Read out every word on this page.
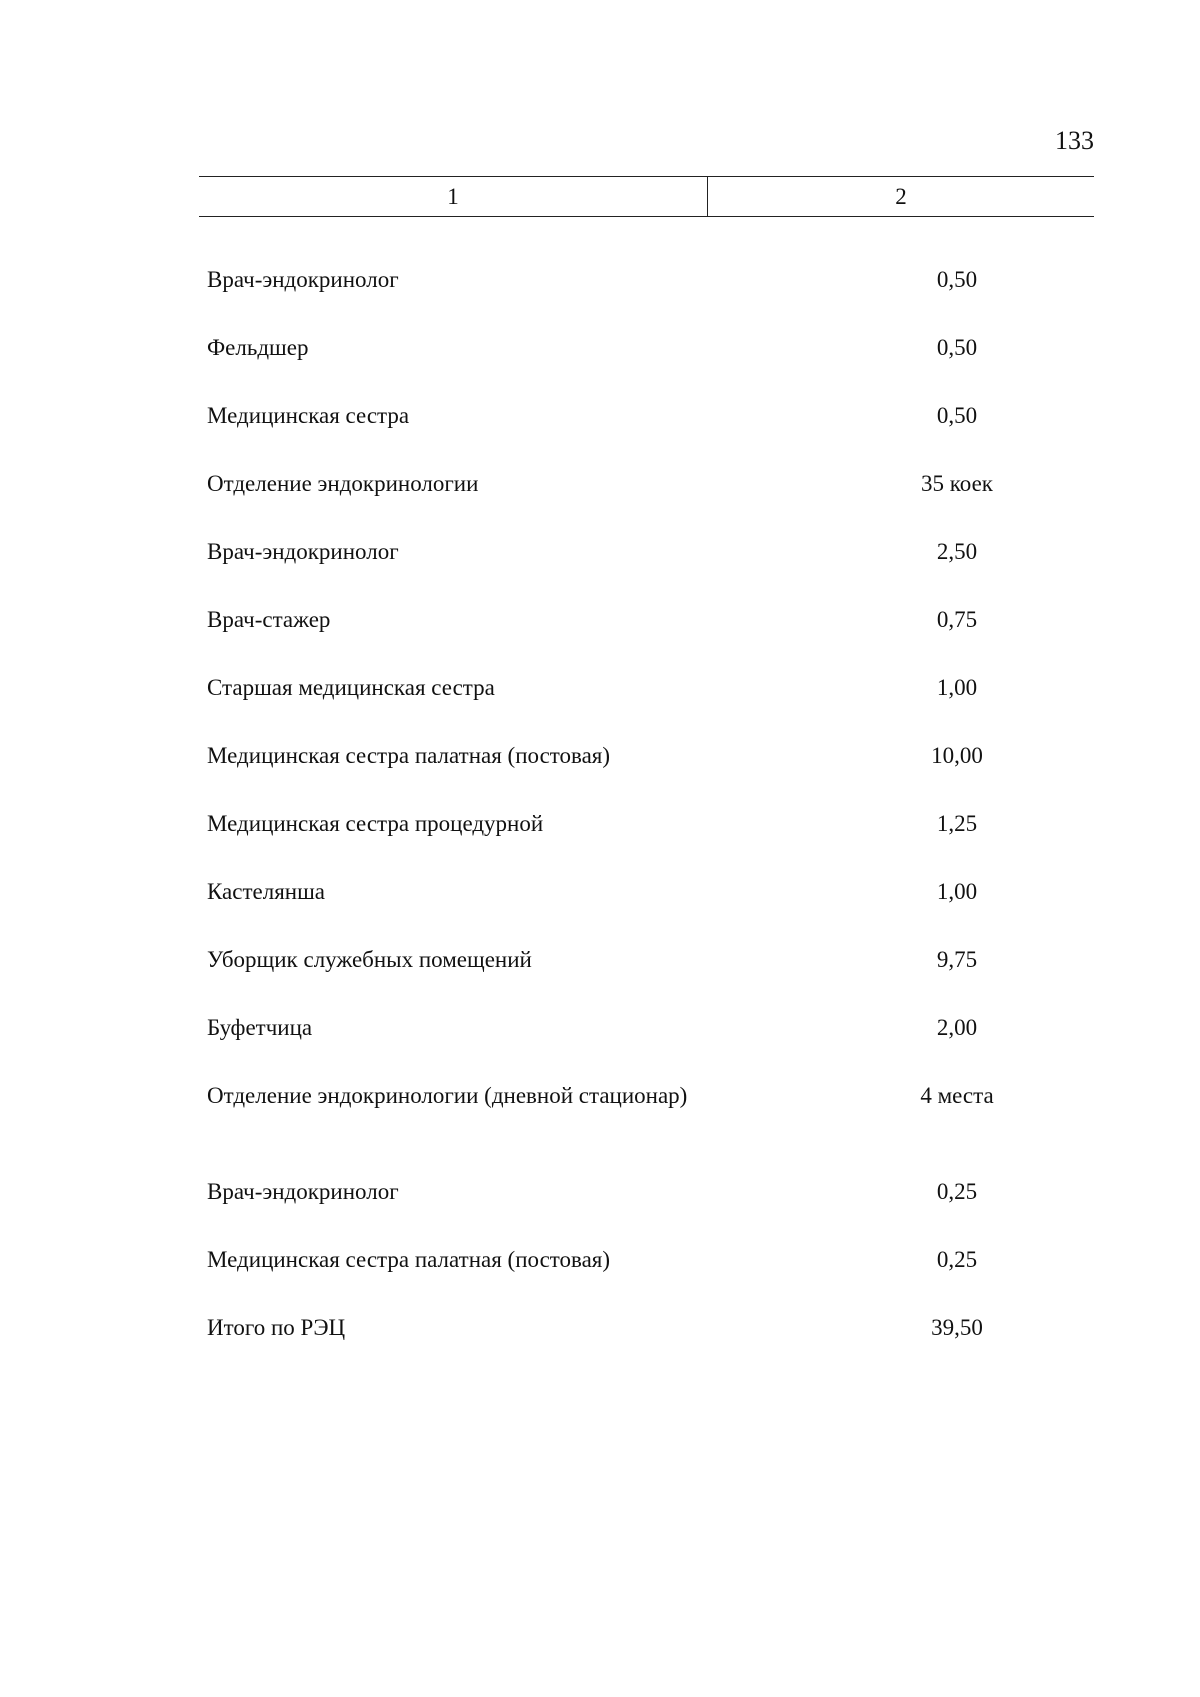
133
1	2
Врач-эндокринолог	0,50
Фельдшер	0,50
Медицинская сестра	0,50
Отделение эндокринологии	35 коек
Врач-эндокринолог	2,50
Врач-стажер	0,75
Старшая медицинская сестра	1,00
Медицинская сестра палатная (постовая)	10,00
Медицинская сестра процедурной	1,25
Кастелянша	1,00
Уборщик служебных помещений	9,75
Буфетчица	2,00
Отделение эндокринологии (дневной стационар)	4 места
Врач-эндокринолог	0,25
Медицинская сестра палатная (постовая)	0,25
Итого по РЭЦ	39,50
